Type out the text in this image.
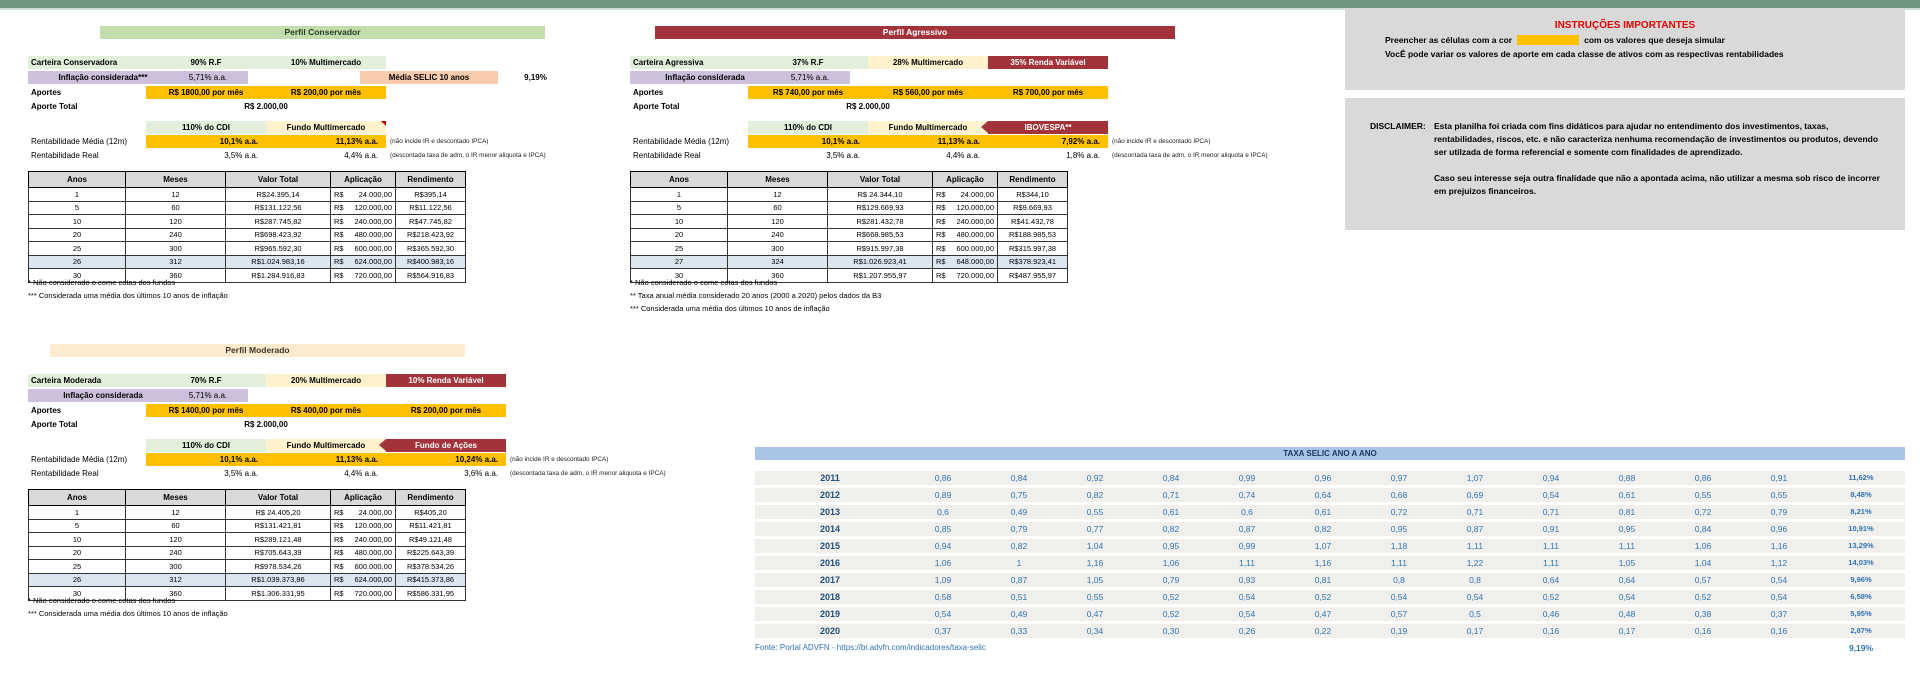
Perfil Conservador
Carteira Conservadora	90% R.F	10% Multimercado
Inflação considerada***	5,71% a.a.	Média SELIC 10 anos	9,19%
Aportes	R$ 1800,00 por mês	R$ 200,00 por mês
Aporte Total	R$ 2.000,00
110% do CDI	Fundo Multimercado
Rentabilidade Média (12m)	10,1% a.a.	11,13% a.a. (não incide IR e descontado IPCA)
Rentabilidade Real	3,5% a.a.	4,4% a.a. (descontada taxa de adm, o IR menor aliquota e IPCA)
Anos	Meses	Valor Total	Aplicação	Rendimento
1	12	R$24.395,14	R$ 24.000,00	R$395,14
5	60	R$131.122,56	R$ 120.000,00	R$11.122,56
10	120	R$287.745,82	R$ 240.000,00	R$47.745,82
20	240	R$698.423,92	R$ 480.000,00	R$218.423,92
25	300	R$965.592,30	R$ 600.000,00	R$365.592,30
26	312	R$1.024.983,16	R$ 624.000,00	R$400.983,16
30	360	R$1.284.916,83	R$ 720.000,00	R$564.916,83
* Não considerado o come cotas dos fundos
*** Considerada uma média dos últimos 10 anos de inflação
Perfil Agressivo
Carteira Agressiva	37% R.F	28% Multimercado	35% Renda Variável
Inflação considerada	5,71% a.a.
Aportes	R$ 740,00 por mês	R$ 560,00 por mês	R$ 700,00 por mês
Aporte Total	R$ 2.000,00
110% do CDI	Fundo Multimercado	IBOVESPA**
Rentabilidade Média (12m)	10,1% a.a.	11,13% a.a.	7,92% a.a. (não incide IR e descontado IPCA)
Rentabilidade Real	3,5% a.a.	4,4% a.a.	1,8% a.a. (descontada taxa de adm, o IR menor aliquota e IPCA)
Anos	Meses	Valor Total	Aplicação	Rendimento
1	12	R$ 24.344,10	R$ 24.000,00	R$344,10
5	60	R$129.669,93	R$ 120.000,00	R$9.669,93
10	120	R$281.432,78	R$ 240.000,00	R$41.432,78
20	240	R$668.985,53	R$ 480.000,00	R$188.985,53
25	300	R$915.997,38	R$ 600.000,00	R$315.997,38
27	324	R$1.026.923,41	R$ 648.000,00	R$378.923,41
30	360	R$1.207.955,97	R$ 720.000,00	R$487.955,97
* Não considerado o come cotas dos fundos
** Taxa anual média considerado 20 anos (2000 a 2020) pelos dados da B3
*** Considerada uma média dos últimos 10 anos de inflação
Perfil Moderado
Carteira Moderada	70% R.F	20% Multimercado	10% Renda Variável
Inflação considerada	5,71% a.a.
Aportes	R$ 1400,00 por mês	R$ 400,00 por mês	R$ 200,00 por mês
Aporte Total	R$ 2.000,00
110% do CDI	Fundo Multimercado	Fundo de Ações
Rentabilidade Média (12m)	10,1% a.a.	11,13% a.a.	10,24% a.a. (não incide IR e descontado IPCA)
Rentabilidade Real	3,5% a.a.	4,4% a.a.	3,6% a.a. (descontada taxa de adm, o IR menor aliquota e IPCA)
Anos	Meses	Valor Total	Aplicação	Rendimento
1	12	R$ 24.405,20	R$ 24.000,00	R$405,20
5	60	R$131.421,81	R$ 120.000,00	R$11.421,81
10	120	R$289.121,48	R$ 240.000,00	R$49.121,48
20	240	R$705.643,39	R$ 480.000,00	R$225.643,39
25	300	R$978.534,26	R$ 600.000,00	R$378.534,26
26	312	R$1.039.373,86	R$ 624.000,00	R$415.373,86
30	360	R$1.306.331,95	R$ 720.000,00	R$586.331,95
* Não considerado o come cotas dos fundos
*** Considerada uma média dos últimos 10 anos de inflação
INSTRUÇÕES IMPORTANTES
Preencher as células com a cor	com os valores que deseja simular
VocÊ pode variar os valores de aporte em cada classe de ativos com as respectivas rentabilidades
DISCLAIMER: Esta planilha foi criada com fins didáticos para ajudar no entendimento dos investimentos, taxas, rentabilidades, riscos, etc. e não caracteriza nenhuma recomendação de investimentos ou produtos, devendo ser utilzada de forma referencial e somente com finalidades de aprendizado.
Caso seu interesse seja outra finalidade que não a apontada acima, não utilizar a mesma sob risco de incorrer em prejuizos financeiros.
TAXA SELIC ANO A ANO
2011	0,86	0,84	0,92	0,84	0,99	0,96	0,97	1,07	0,94	0,88	0,86	0,91	11,62%
2012	0,89	0,75	0,82	0,71	0,74	0,64	0,68	0,69	0,54	0,61	0,55	0,55	8,48%
2013	0,6	0,49	0,55	0,61	0,6	0,61	0,72	0,71	0,71	0,81	0,72	0,79	8,21%
2014	0,85	0,79	0,77	0,82	0,87	0,82	0,95	0,87	0,91	0,95	0,84	0,96	10,91%
2015	0,94	0,82	1,04	0,95	0,99	1,07	1,18	1,11	1,11	1,11	1,06	1,16	13,29%
2016	1,06	1	1,16	1,06	1,11	1,16	1,11	1,22	1,11	1,05	1,04	1,12	14,03%
2017	1,09	0,87	1,05	0,79	0,93	0,81	0,8	0,8	0,64	0,64	0,57	0,54	9,96%
2018	0,58	0,51	0,55	0,52	0,54	0,52	0,54	0,54	0,52	0,54	0,52	0,54	6,58%
2019	0,54	0,49	0,47	0,52	0,54	0,47	0,57	0,5	0,46	0,48	0,38	0,37	5,95%
2020	0,37	0,33	0,34	0,30	0,26	0,22	0,19	0,17	0,16	0,17	0,16	0,16	2,87%
Fonte: Portal ADVFN - https://br.advfn.com/indicadores/taxa-selic	9,19%
